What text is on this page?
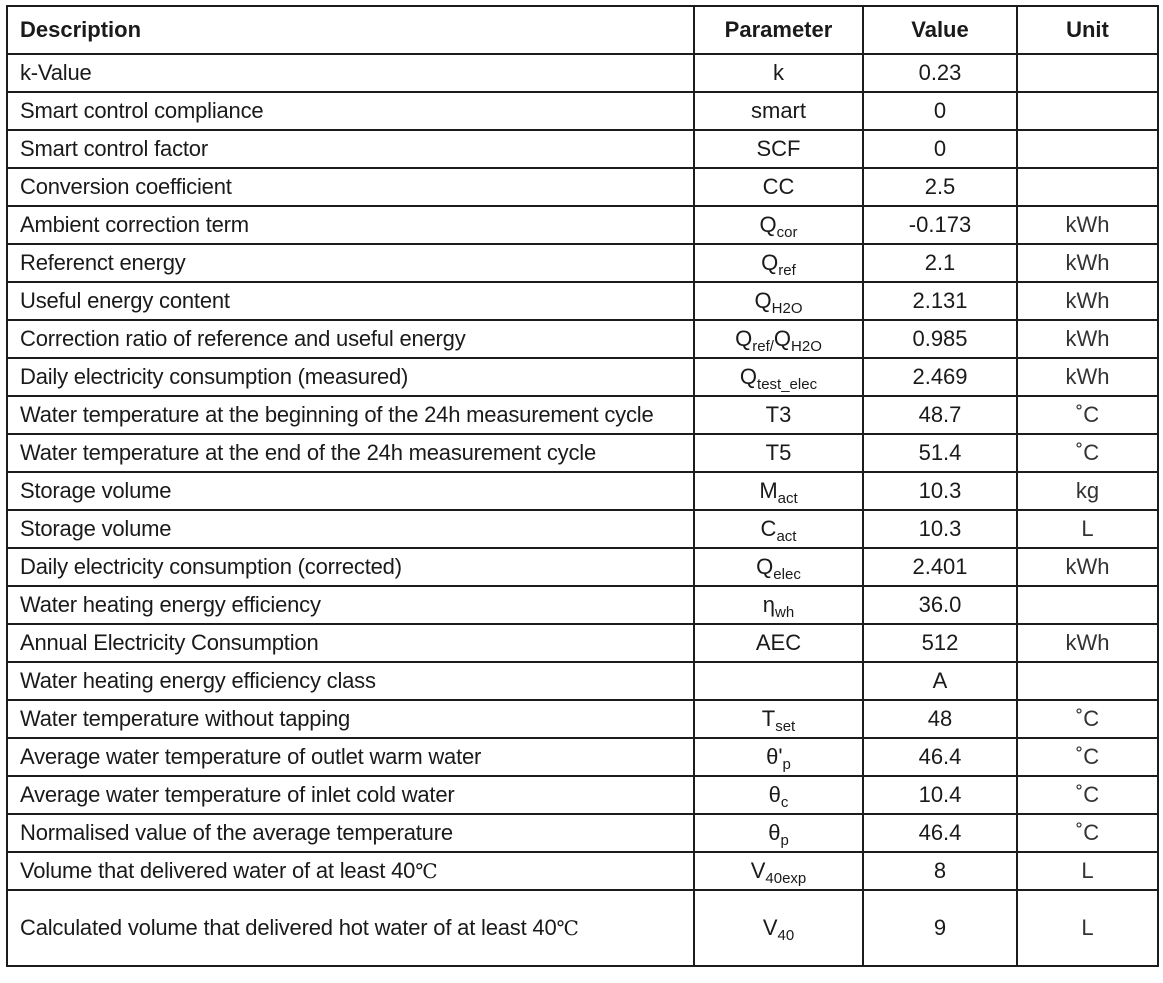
Description	Parameter	Value	Unit
k-Value	k	0.23	
Smart control compliance	smart	0	
Smart control factor	SCF	0	
Conversion coefficient	CC	2.5	
Ambient correction term	$Q_{cor}$	-0.173	kWh
Referenct energy	$Q_{ref}$	2.1	kWh
Useful energy content	$Q_{H2O}$	2.131	kWh
Correction ratio of reference and useful energy	$Q_{ref/}Q_{H2O}$	0.985	kWh
Daily electricity consumption (measured)	$Q_{test\_elec}$	2.469	kWh
Water temperature at the beginning of the 24h measurement cycle	T3	48.7	˚C
Water temperature at the end of the 24h measurement cycle	T5	51.4	˚C
Storage volume	$M_{act}$	10.3	kg
Storage volume	$C_{act}$	10.3	L
Daily electricity consumption (corrected)	$Q_{elec}$	2.401	kWh
Water heating energy efficiency	$\eta_{wh}$	36.0	
Annual Electricity Consumption	AEC	512	kWh
Water heating energy efficiency class		A	
Water temperature without tapping	$T_{set}$	48	˚C
Average water temperature of outlet warm water	$\theta'_p$	46.4	˚C
Average water temperature of inlet cold water	$\theta_c$	10.4	˚C
Normalised value of the average temperature	$\theta_p$	46.4	˚C
Volume that delivered water of at least 40℃	$V_{40exp}$	8	L
Calculated volume that delivered hot water of at least 40℃	$V_{40}$	9	L
